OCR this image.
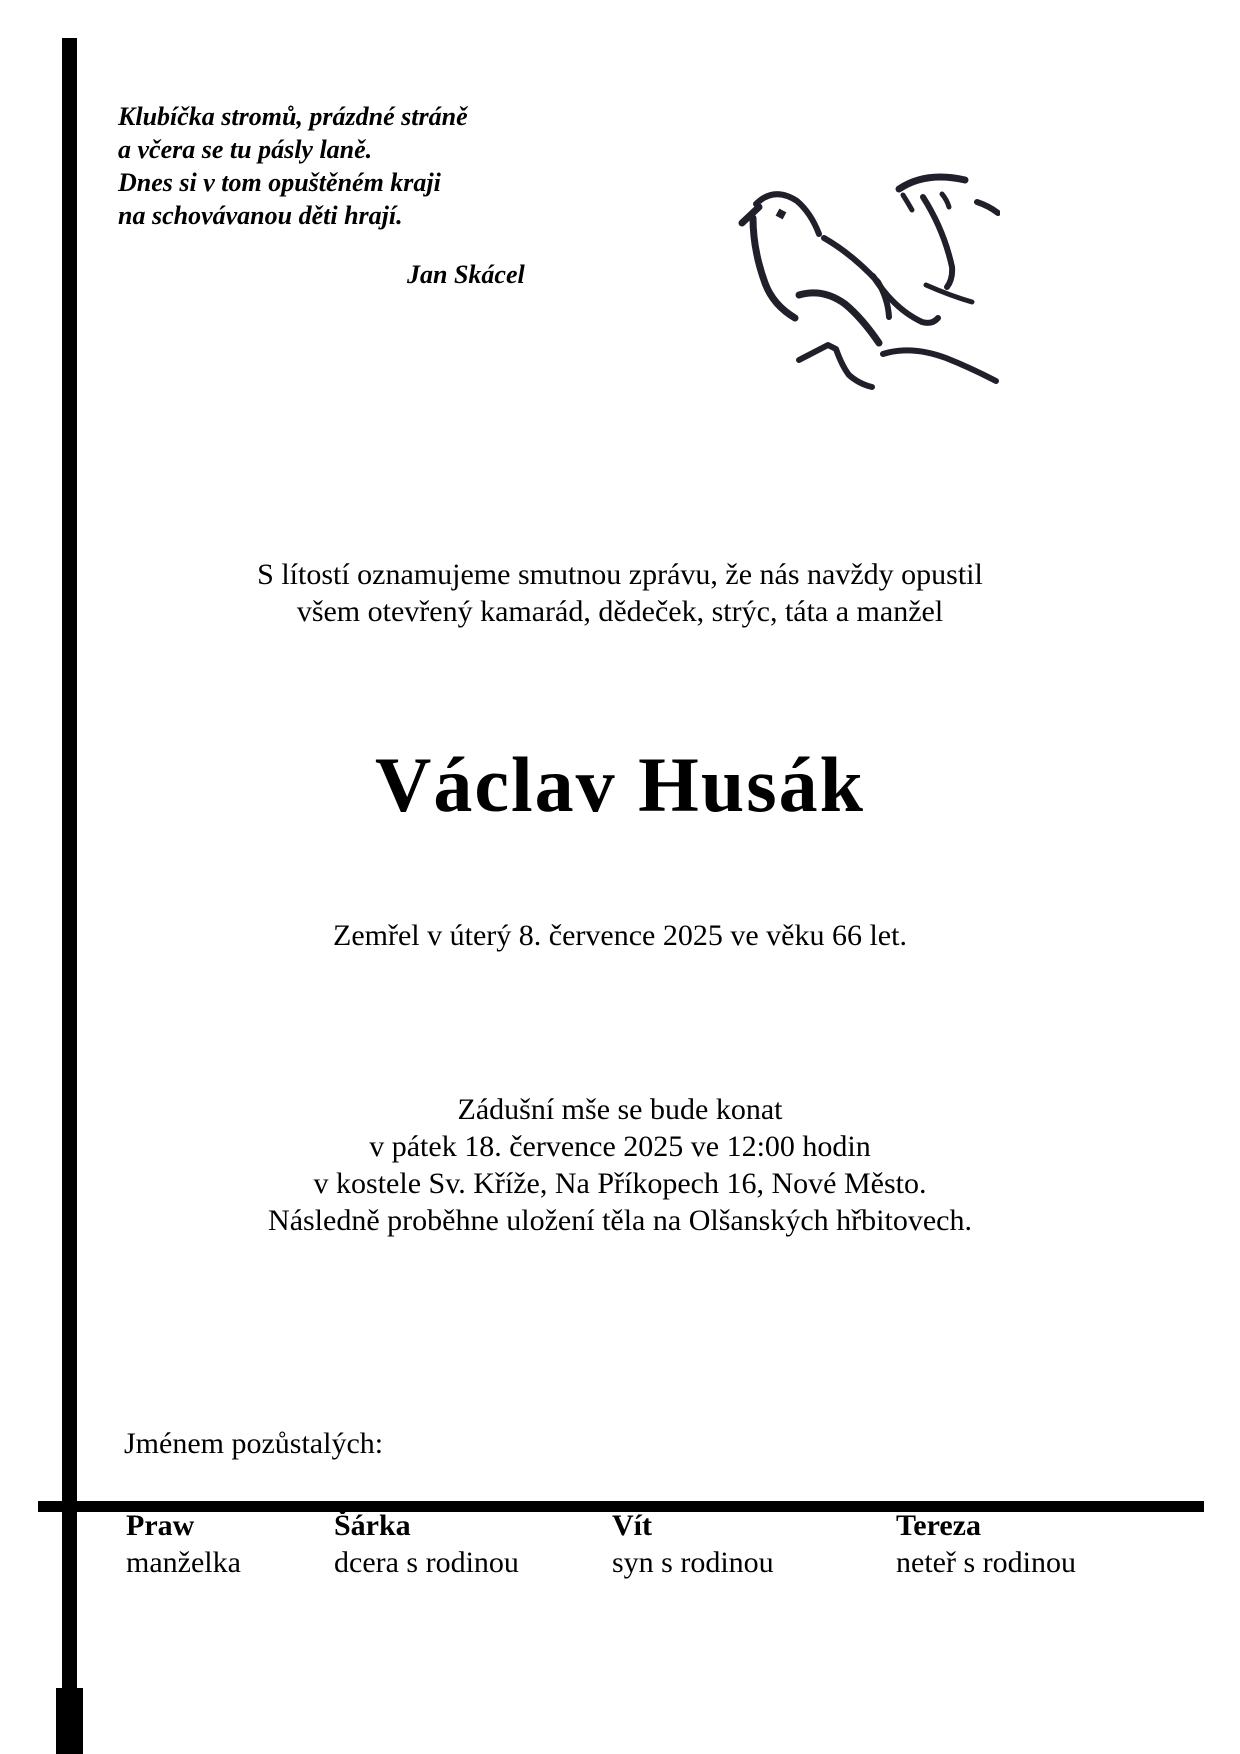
Klubíčka stromů, prázdné stráně
a včera se tu pásly laně.
Dnes si v tom opuštěném kraji
na schovávanou děti hrají.
Jan Skácel
S lítostí oznamujeme smutnou zprávu, že nás navždy opustil
všem otevřený kamarád, dědeček, strýc, táta a manžel
Václav Husák
Zemřel v úterý 8. července 2025 ve věku 66 let.
Zádušní mše se bude konat
v pátek 18. července 2025 ve 12:00 hodin
v kostele Sv. Kříže, Na Příkopech 16, Nové Město.
Následně proběhne uložení těla na Olšanských hřbitovech.
Jménem pozůstalých:
Praw
manželka
Šárka
dcera s rodinou
Vít
syn s rodinou
Tereza
neteř s rodinou
